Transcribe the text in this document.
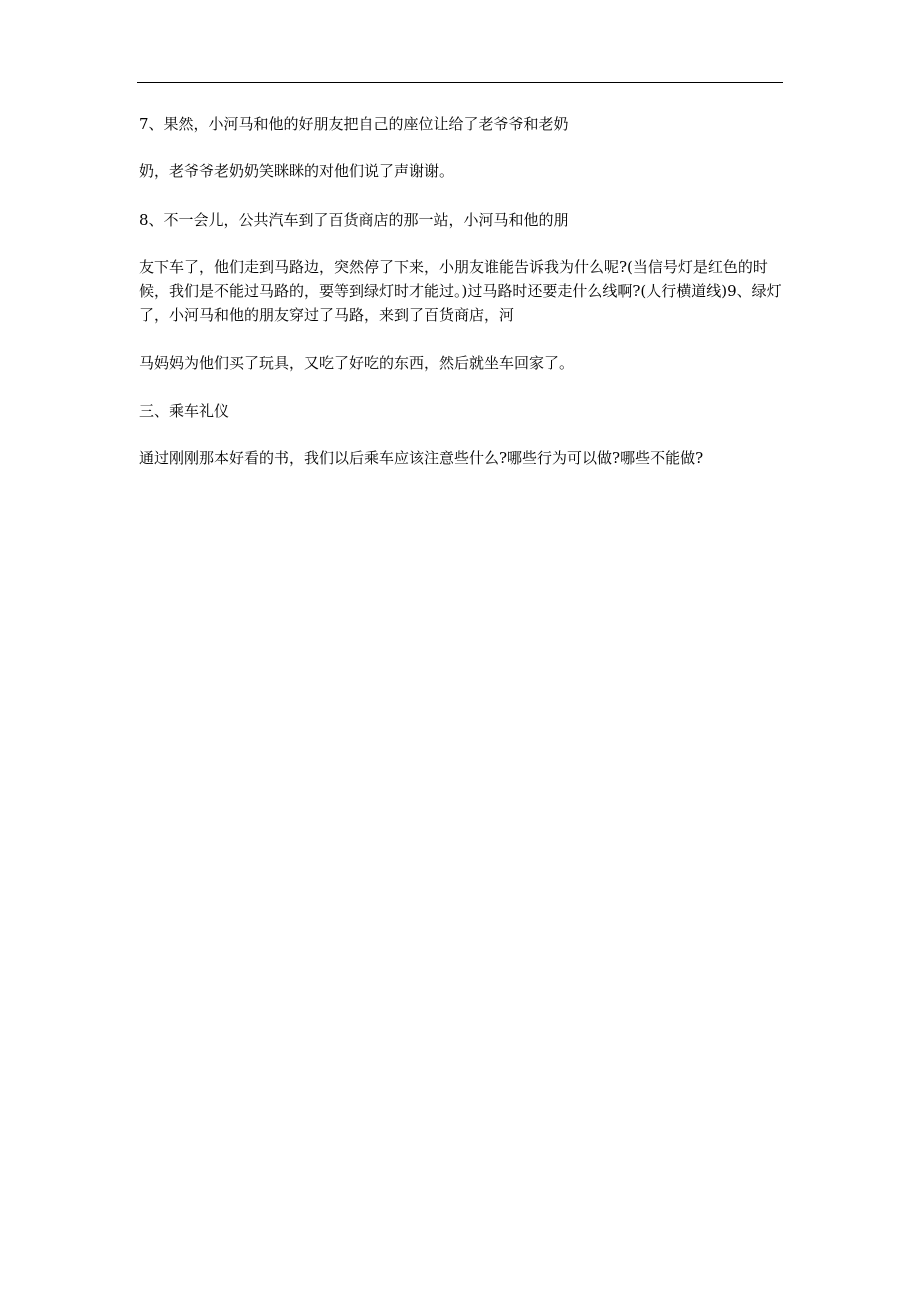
7、果然，小河马和他的好朋友把自己的座位让给了老爷爷和老奶

奶，老爷爷老奶奶笑眯眯的对他们说了声谢谢。

8、不一会儿，公共汽车到了百货商店的那一站，小河马和他的朋

友下车了，他们走到马路边，突然停了下来，小朋友谁能告诉我为什么呢?(当信号灯是红色的时候，我们是不能过马路的，要等到绿灯时才能过。)过马路时还要走什么线啊?(人行横道线)9、绿灯了，小河马和他的朋友穿过了马路，来到了百货商店，河

马妈妈为他们买了玩具，又吃了好吃的东西，然后就坐车回家了。

三、乘车礼仪

通过刚刚那本好看的书，我们以后乘车应该注意些什么?哪些行为可以做?哪些不能做?
